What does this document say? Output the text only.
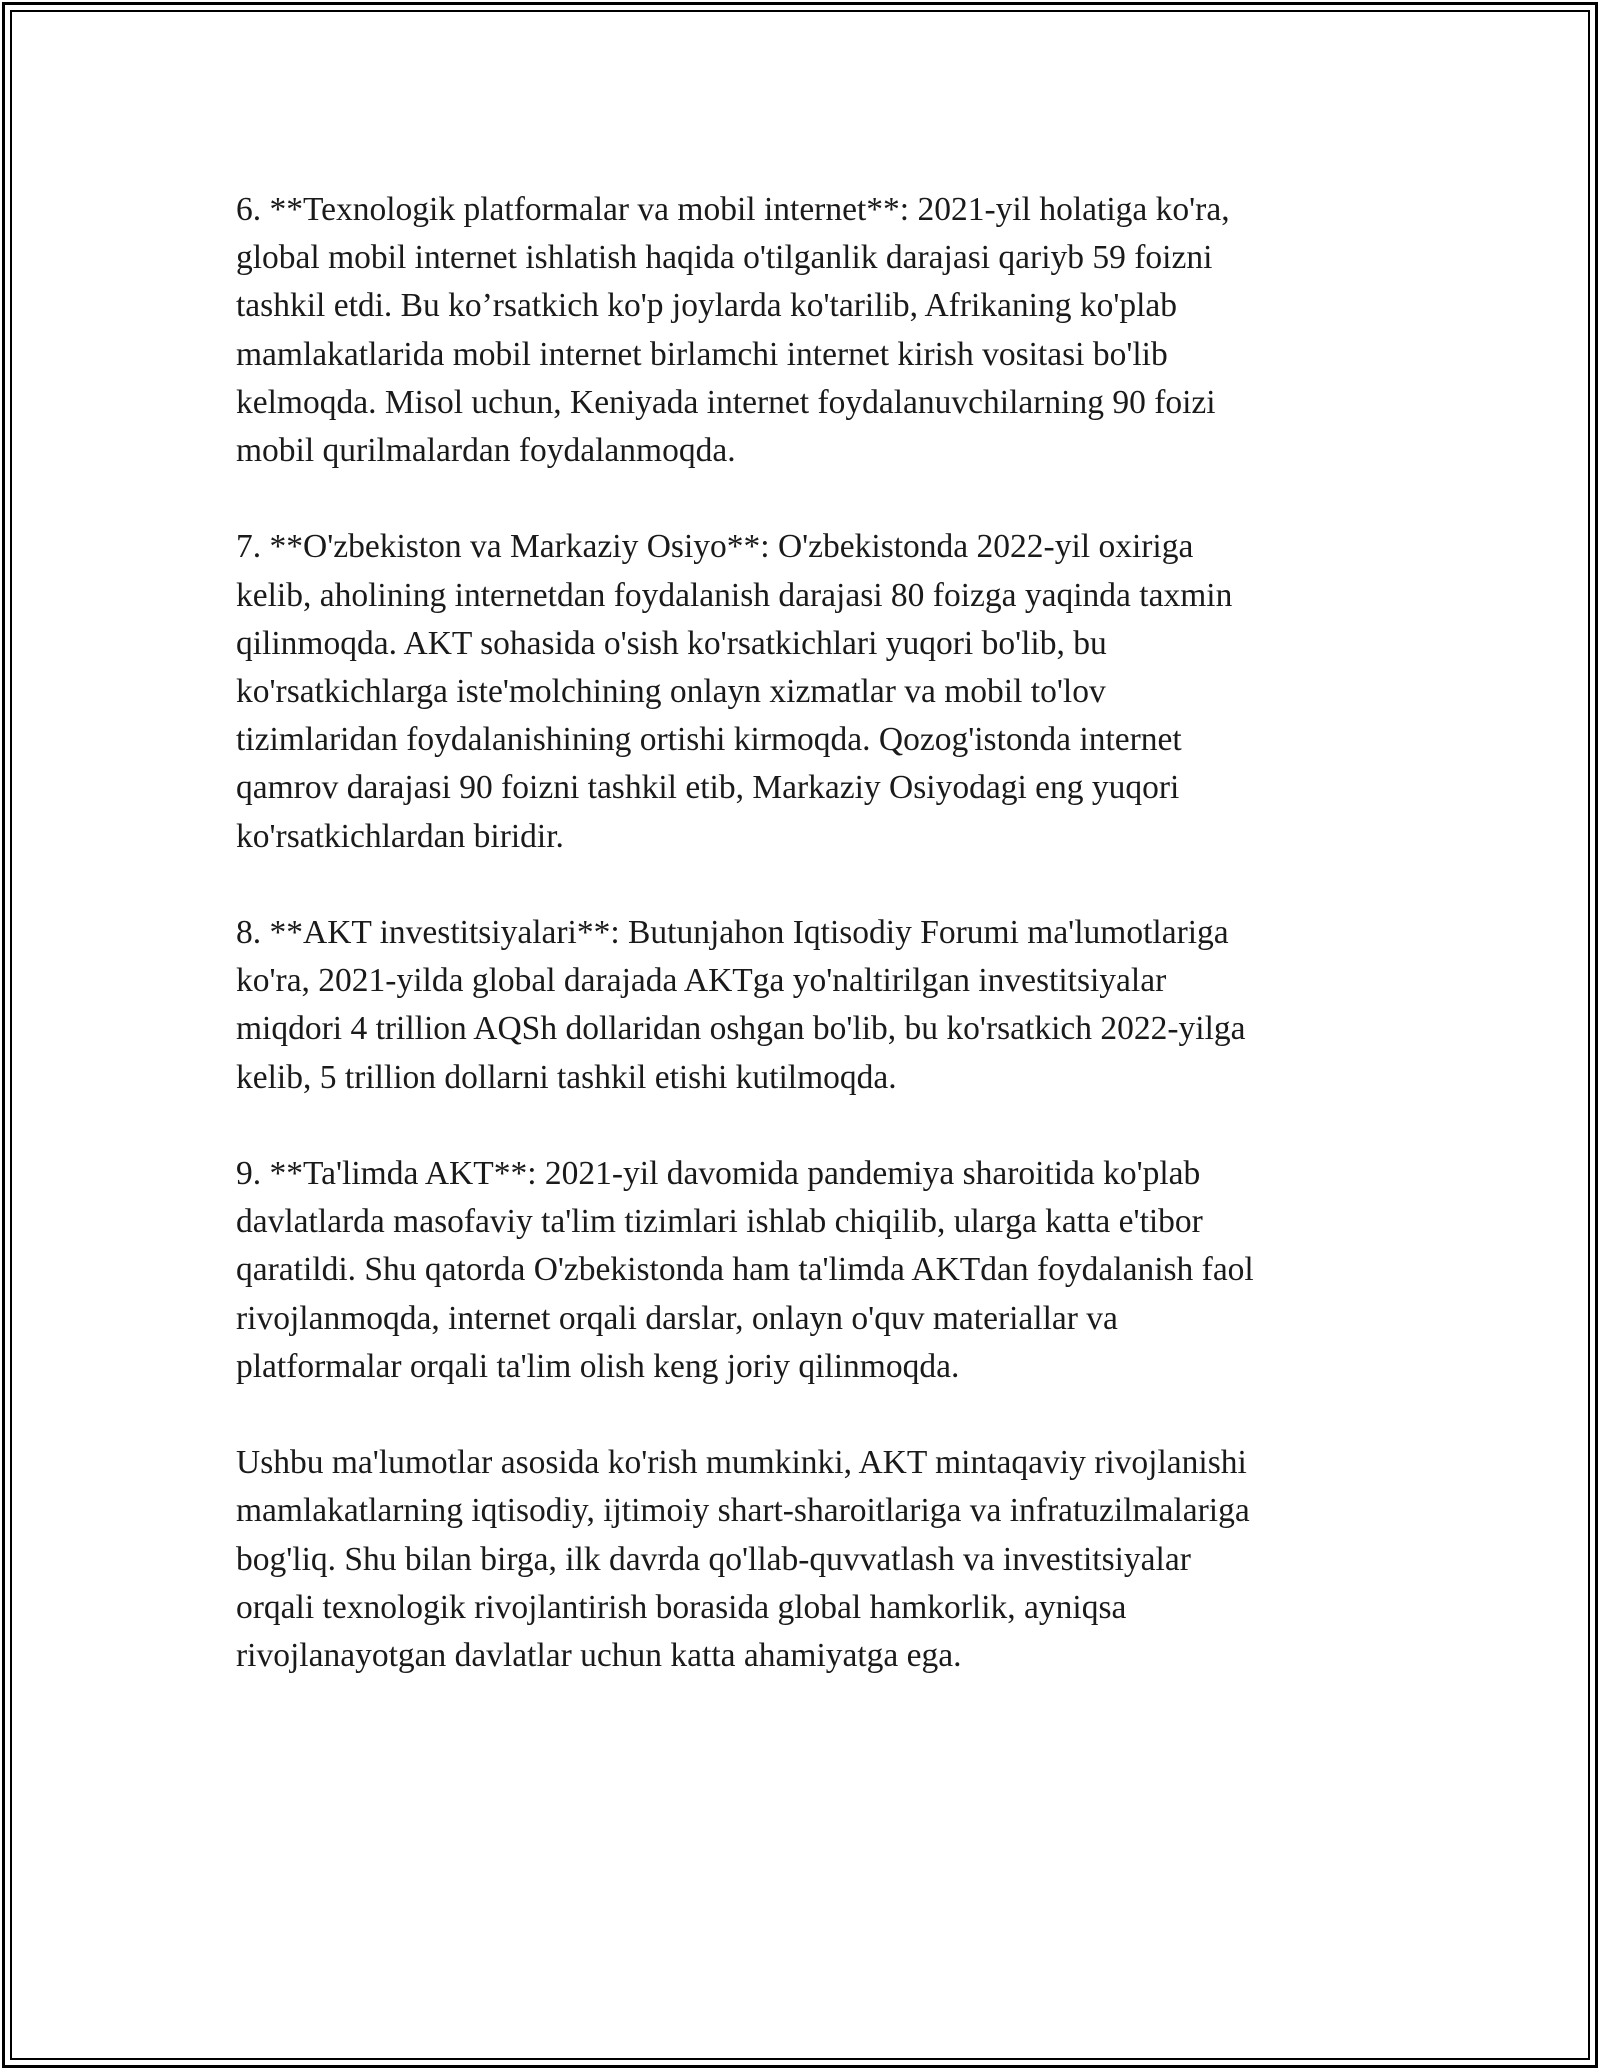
6. **Texnologik platformalar va mobil internet**: 2021-yil holatiga ko'ra,
global mobil internet ishlatish haqida o'tilganlik darajasi qariyb 59 foizni
tashkil etdi. Bu ko’rsatkich ko'p joylarda ko'tarilib, Afrikaning ko'plab
mamlakatlarida mobil internet birlamchi internet kirish vositasi bo'lib
kelmoqda. Misol uchun, Keniyada internet foydalanuvchilarning 90 foizi
mobil qurilmalardan foydalanmoqda.
7. **O'zbekiston va Markaziy Osiyo**: O'zbekistonda 2022-yil oxiriga
kelib, aholining internetdan foydalanish darajasi 80 foizga yaqinda taxmin
qilinmoqda. AKT sohasida o'sish ko'rsatkichlari yuqori bo'lib, bu
ko'rsatkichlarga iste'molchining onlayn xizmatlar va mobil to'lov
tizimlaridan foydalanishining ortishi kirmoqda. Qozog'istonda internet
qamrov darajasi 90 foizni tashkil etib, Markaziy Osiyodagi eng yuqori
ko'rsatkichlardan biridir.
8. **AKT investitsiyalari**: Butunjahon Iqtisodiy Forumi ma'lumotlariga
ko'ra, 2021-yilda global darajada AKTga yo'naltirilgan investitsiyalar
miqdori 4 trillion AQSh dollaridan oshgan bo'lib, bu ko'rsatkich 2022-yilga
kelib, 5 trillion dollarni tashkil etishi kutilmoqda.
9. **Ta'limda AKT**: 2021-yil davomida pandemiya sharoitida ko'plab
davlatlarda masofaviy ta'lim tizimlari ishlab chiqilib, ularga katta e'tibor
qaratildi. Shu qatorda O'zbekistonda ham ta'limda AKTdan foydalanish faol
rivojlanmoqda, internet orqali darslar, onlayn o'quv materiallar va
platformalar orqali ta'lim olish keng joriy qilinmoqda.
Ushbu ma'lumotlar asosida ko'rish mumkinki, AKT mintaqaviy rivojlanishi
mamlakatlarning iqtisodiy, ijtimoiy shart-sharoitlariga va infratuzilmalariga
bog'liq. Shu bilan birga, ilk davrda qo'llab-quvvatlash va investitsiyalar
orqali texnologik rivojlantirish borasida global hamkorlik, ayniqsa
rivojlanayotgan davlatlar uchun katta ahamiyatga ega.
